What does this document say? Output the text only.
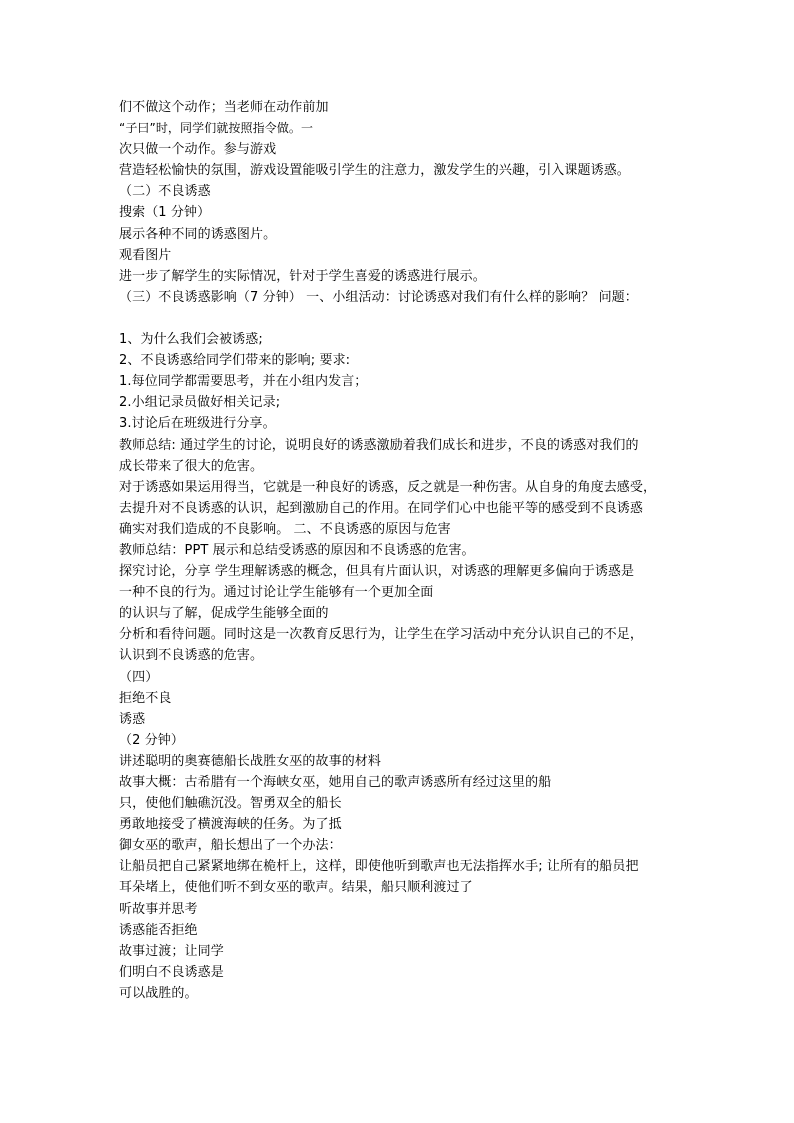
们不做这个动作；当老师在动作前加
“子曰”时，同学们就按照指令做。一
次只做一个动作。参与游戏
营造轻松愉快的氛围，游戏设置能吸引学生的注意力，激发学生的兴趣，引入课题诱惑。
（二）不良诱惑
搜索（1 分钟）
展示各种不同的诱惑图片。
观看图片
进一步了解学生的实际情况，针对于学生喜爱的诱惑进行展示。
（三）不良诱惑影响（7 分钟） 一、小组活动：讨论诱惑对我们有什么样的影响？ 问题：
1、为什么我们会被诱惑;
2、不良诱惑给同学们带来的影响; 要求:
1.每位同学都需要思考，并在小组内发言；
2.小组记录员做好相关记录;
3.讨论后在班级进行分享。
教师总结: 通过学生的讨论，说明良好的诱惑激励着我们成长和进步，不良的诱惑对我们的
成长带来了很大的危害。
对于诱惑如果运用得当，它就是一种良好的诱惑，反之就是一种伤害。从自身的角度去感受，
去提升对不良诱惑的认识，起到激励自己的作用。在同学们心中也能平等的感受到不良诱惑
确实对我们造成的不良影响。 二、不良诱惑的原因与危害
教师总结：PPT 展示和总结受诱惑的原因和不良诱惑的危害。
探究讨论，分享 学生理解诱惑的概念，但具有片面认识，对诱惑的理解更多偏向于诱惑是
一种不良的行为。通过讨论让学生能够有一个更加全面
的认识与了解，促成学生能够全面的
分析和看待问题。同时这是一次教育反思行为，让学生在学习活动中充分认识自己的不足，
认识到不良诱惑的危害。
（四）
拒绝不良
诱惑
（2 分钟）
讲述聪明的奥赛德船长战胜女巫的故事的材料
故事大概：古希腊有一个海峡女巫，她用自己的歌声诱惑所有经过这里的船
只，使他们触礁沉没。智勇双全的船长
勇敢地接受了横渡海峡的任务。为了抵
御女巫的歌声，船长想出了一个办法：
让船员把自己紧紧地绑在桅杆上，这样，即使他听到歌声也无法指挥水手; 让所有的船员把
耳朵堵上，使他们听不到女巫的歌声。结果，船只顺利渡过了
听故事并思考
诱惑能否拒绝
故事过渡；让同学
们明白不良诱惑是
可以战胜的。
